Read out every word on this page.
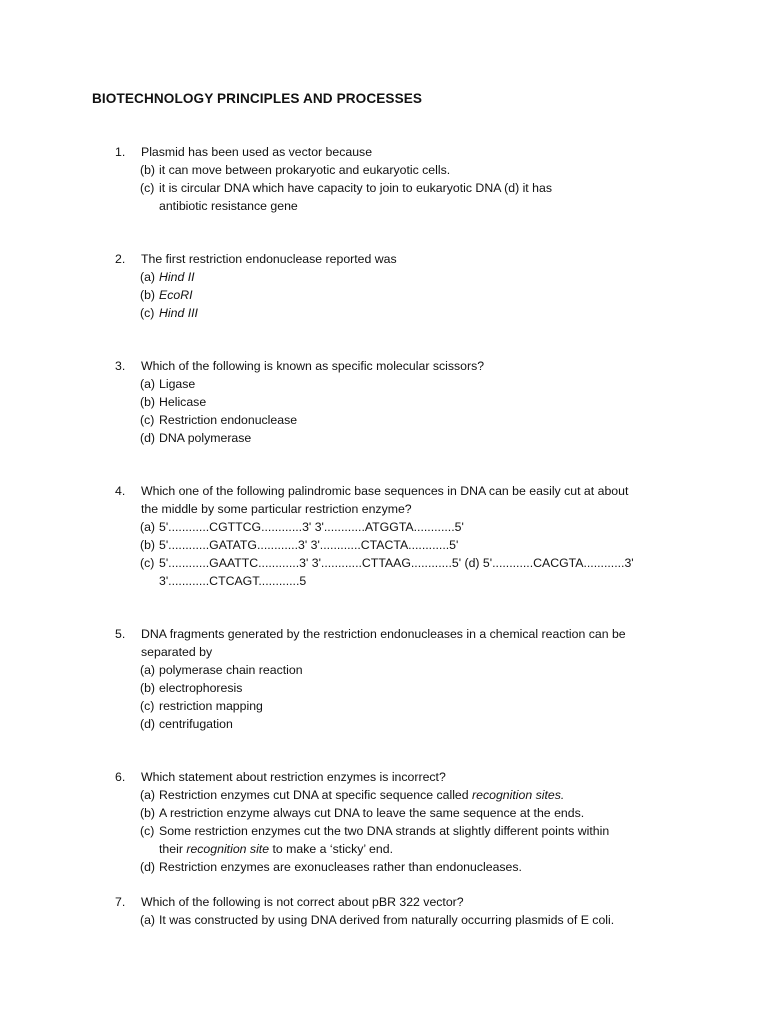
BIOTECHNOLOGY PRINCIPLES AND PROCESSES
1. Plasmid has been used as vector because
(b) it can move between prokaryotic and eukaryotic cells.
(c) it is circular DNA which have capacity to join to eukaryotic DNA (d) it has
antibiotic resistance gene
2. The first restriction endonuclease reported was
(a) Hind II
(b) EcoRI
(c) Hind III
3. Which of the following is known as specific molecular scissors?
(a) Ligase
(b) Helicase
(c) Restriction endonuclease
(d) DNA polymerase
4. Which one of the following palindromic base sequences in DNA can be easily cut at about
the middle by some particular restriction enzyme?
(a) 5'............CGTTCG............3' 3'............ATGGTA............5'
(b) 5'............GATATG............3' 3'............CTACTA............5'
(c) 5'............GAATTC............3' 3'............CTTAAG............5' (d) 5'............CACGTA............3'
3'............CTCAGT............5
5. DNA fragments generated by the restriction endonucleases in a chemical reaction can be
separated by
(a) polymerase chain reaction
(b) electrophoresis
(c) restriction mapping
(d) centrifugation
6. Which statement about restriction enzymes is incorrect?
(a) Restriction enzymes cut DNA at specific sequence called recognition sites.
(b) A restriction enzyme always cut DNA to leave the same sequence at the ends.
(c) Some restriction enzymes cut the two DNA strands at slightly different points within
their recognition site to make a ‘sticky’ end.
(d) Restriction enzymes are exonucleases rather than endonucleases.
7. Which of the following is not correct about pBR 322 vector?
(a) It was constructed by using DNA derived from naturally occurring plasmids of E coli.
